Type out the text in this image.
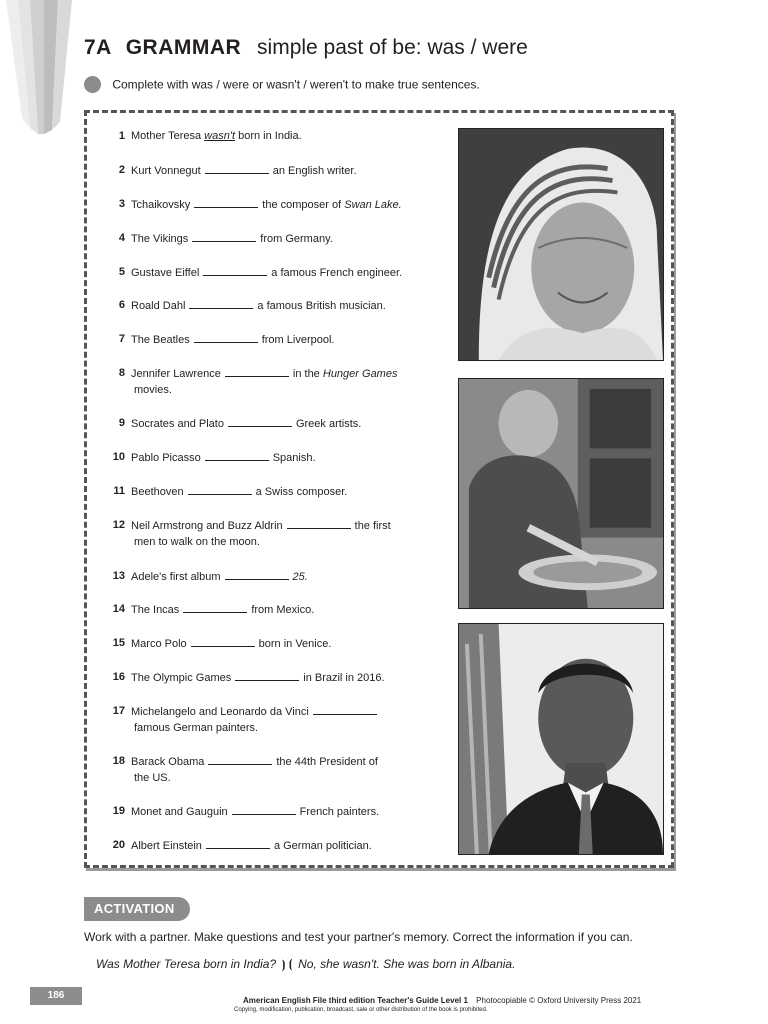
7A GRAMMAR simple past of be: was / were
Complete with was / were or wasn't / weren't to make true sentences.
1 Mother Teresa wasn't born in India.
2 Kurt Vonnegut	an English writer.
3 Tchaikovsky	the composer of Swan Lake.
4 The Vikings	from Germany.
5 Gustave Eiffel	a famous French engineer.
6 Roald Dahl	a famous British musician.
7 The Beatles	from Liverpool.
8 Jennifer Lawrence	in the Hunger Games
movies.
9 Socrates and Plato	Greek artists.
10 Pablo Picasso	Spanish.
11 Beethoven	a Swiss composer.
12 Neil Armstrong and Buzz Aldrin	the first
men to walk on the moon.
13 Adele's first album	25.
14 The Incas	from Mexico.
15 Marco Polo	born in Venice.
16 The Olympic Games	in Brazil in 2016.
17 Michelangelo and Leonardo da Vinci
famous German painters.
18 Barack Obama	the 44th President of
the US.
19 Monet and Gauguin	French painters.
20 Albert Einstein	a German politician.
ACTIVATION
Work with a partner. Make questions and test your partner's memory. Correct the information if you can.
Was Mother Teresa born in India? ⦘ ⦗ No, she wasn't. She was born in Albania.
186	American English File third edition Teacher's Guide Level 1 Photocopiable © Oxford University Press 2021
Copying, modification, publication, broadcast, sale or other distribution of the book is prohibited.
